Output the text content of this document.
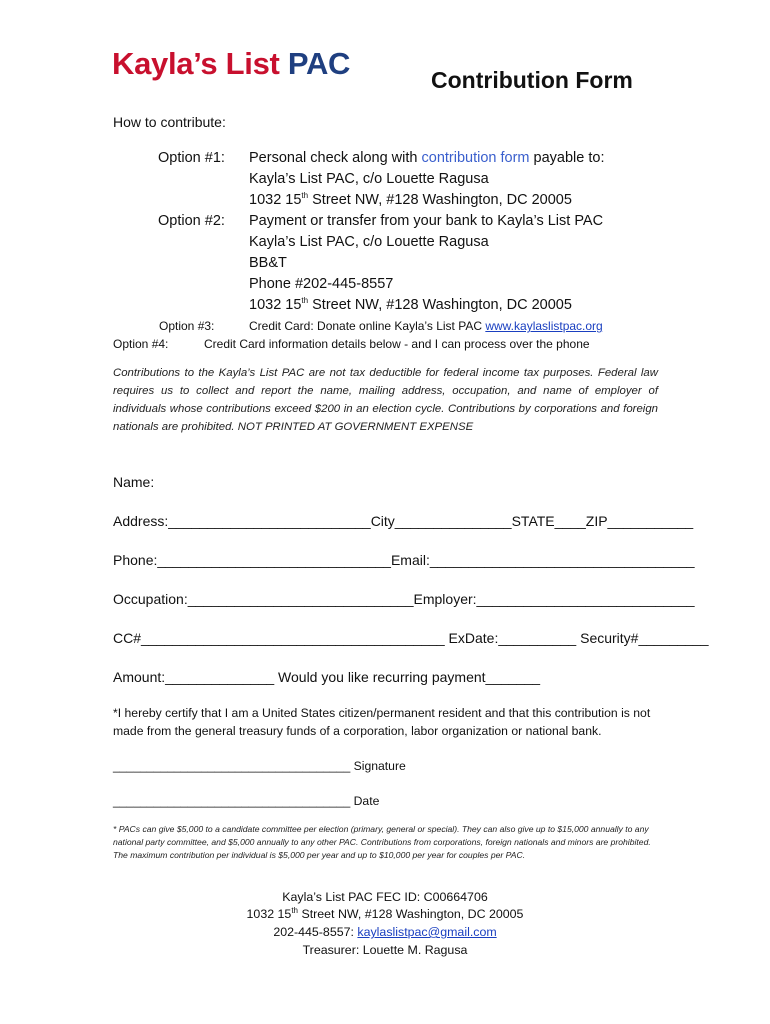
Kayla’s List PAC	Contribution Form
How to contribute:
Option #1: Personal check along with contribution form payable to:
Kayla’s List PAC, c/o Louette Ragusa
1032 15th Street NW, #128 Washington, DC 20005
Option #2: Payment or transfer from your bank to Kayla’s List PAC
Kayla’s List PAC, c/o Louette Ragusa
BB&T
Phone #202-445-8557
1032 15th Street NW, #128 Washington, DC 20005
Option #3:	Credit Card: Donate online Kayla’s List PAC www.kaylaslistpac.org
Option #4:	Credit Card information details below - and I can process over the phone
Contributions to the Kayla’s List PAC are not tax deductible for federal income tax purposes. Federal law requires us to collect and report the name, mailing address, occupation, and name of employer of individuals whose contributions exceed $200 in an election cycle. Contributions by corporations and foreign nationals are prohibited. NOT PRINTED AT GOVERNMENT EXPENSE
Name:
Address:__________________________City_______________STATE____ZIP___________
Phone:______________________________Email:__________________________________
Occupation:_____________________________Employer:____________________________
CC#_______________________________________ ExDate:__________ Security#_________
Amount:______________ Would you like recurring payment_______
*I hereby certify that I am a United States citizen/permanent resident and that this contribution is not made from the general treasury funds of a corporation, labor organization or national bank.
___________________________________ Signature
___________________________________ Date
* PACs can give $5,000 to a candidate committee per election (primary, general or special). They can also give up to $15,000 annually to any national party committee, and $5,000 annually to any other PAC. Contributions from corporations, foreign nationals and minors are prohibited. The maximum contribution per individual is $5,000 per year and up to $10,000 per year for couples per PAC.
Kayla’s List PAC FEC ID: C00664706
1032 15th Street NW, #128 Washington, DC 20005
202-445-8557: kaylaslistpac@gmail.com
Treasurer: Louette M. Ragusa
